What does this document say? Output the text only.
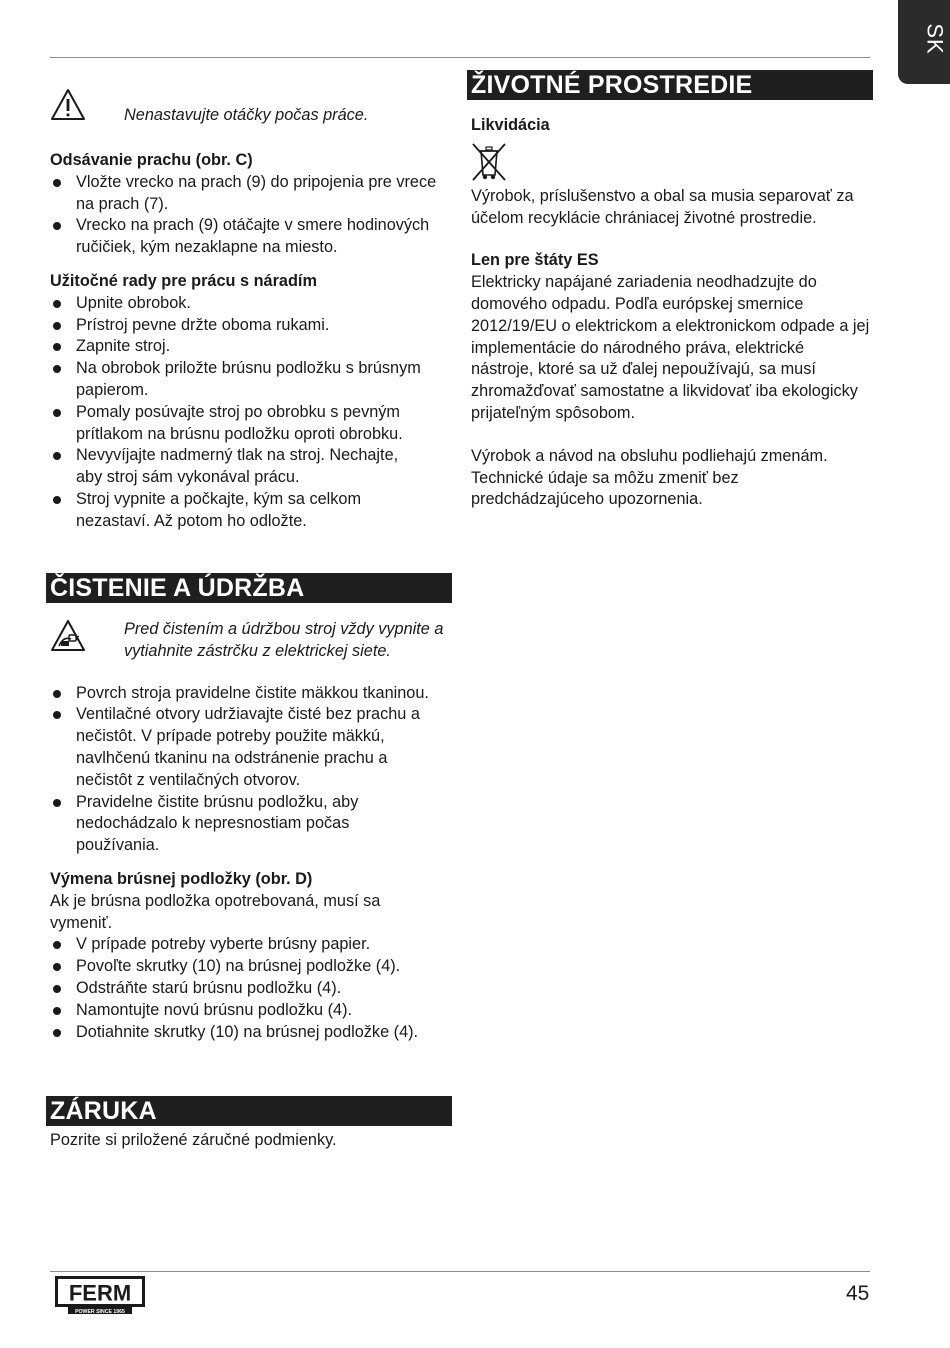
SK

Nenastavujte otáčky počas práce.

Odsávanie prachu (obr. C)

Vložte vrecko na prach (9) do pripojenia pre vrece na prach (7).
Vrecko na prach (9) otáčajte v smere hodinových ručičiek, kým nezaklapne na miesto.

Užitočné rady pre prácu s náradím

Upnite obrobok.
Prístroj pevne držte oboma rukami.
Zapnite stroj.
Na obrobok priložte brúsnu podložku s brúsnym papierom.
Pomaly posúvajte stroj po obrobku s pevným prítlakom na brúsnu podložku oproti obrobku.
Nevyvíjajte nadmerný tlak na stroj. Nechajte, aby stroj sám vykonával prácu.
Stroj vypnite a počkajte, kým sa celkom nezastaví. Až potom ho odložte.
ČISTENIE A ÚDRŽBA

Pred čistením a údržbou stroj vždy vypnite a vytiahnite zástrčku z elektrickej siete.

Povrch stroja pravidelne čistite mäkkou tkaninou.
Ventilačné otvory udržiavajte čisté bez prachu a nečistôt. V prípade potreby použite mäkkú, navlhčenú tkaninu na odstránenie prachu a nečistôt z ventilačných otvorov.
Pravidelne čistite brúsnu podložku, aby nedochádzalo k nepresnostiam počas používania.

Výmena brúsnej podložky (obr. D)

Ak je brúsna podložka opotrebovaná, musí sa vymeniť.

V prípade potreby vyberte brúsny papier.
Povoľte skrutky (10) na brúsnej podložke (4).
Odstráňte starú brúsnu podložku (4).
Namontujte novú brúsnu podložku (4).
Dotiahnite skrutky (10) na brúsnej podložke (4).
ZÁRUKA

Pozrite si priložené záručné podmienky.

ŽIVOTNÉ PROSTREDIE

Likvidácia

Výrobok, príslušenstvo a obal sa musia separovať za účelom recyklácie chrániacej životné prostredie.

Len pre štáty ES

Elektricky napájané zariadenia neodhadzujte do domového odpadu. Podľa európskej smernice 2012/19/EU o elektrickom a elektronickom odpade a jej implementácie do národného práva, elektrické nástroje, ktoré sa už ďalej nepoužívajú, sa musí zhromažďovať samostatne a likvidovať iba ekologicky prijateľným spôsobom.

Výrobok a návod na obsluhu podliehajú zmenám. Technické údaje sa môžu zmeniť bez predchádzajúceho upozornenia.

FERM
POWER SINCE 1965
45
